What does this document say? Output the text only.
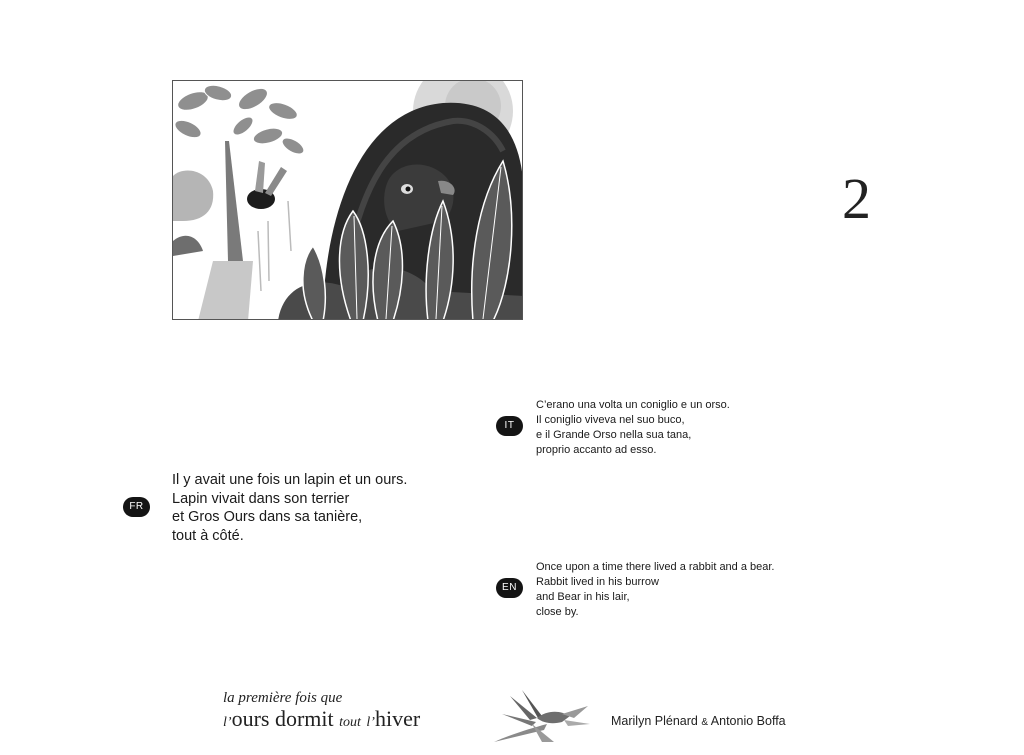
2
FR

Il y avait une fois un lapin et un ours.
Lapin vivait dans son terrier
et Gros Ours dans sa tanière,
tout à côté.

IT

C’erano una volta un coniglio e un orso.
Il coniglio viveva nel suo buco,
e il Grande Orso nella sua tana,
proprio accanto ad esso.

EN

Once upon a time there lived a rabbit and a bear.
Rabbit lived in his burrow
and Bear in his lair,
close by.

la première fois que
l’ours dormit tout l’hiver	Marilyn Plénard & Antonio Boffa
